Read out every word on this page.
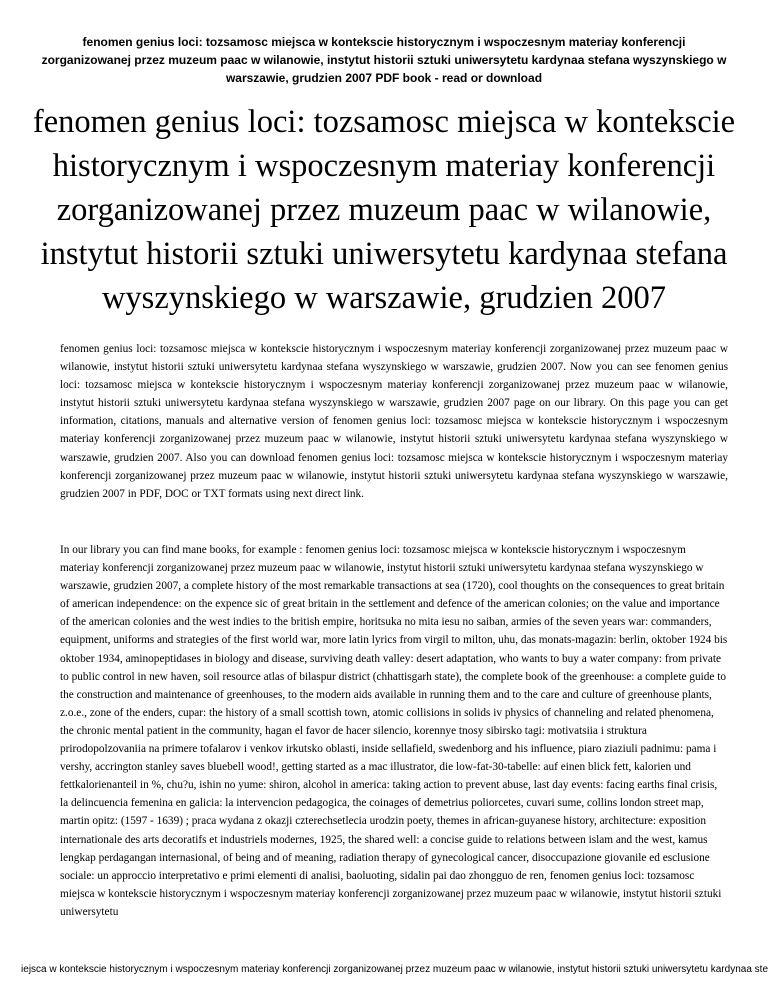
fenomen genius loci: tozsamosc miejsca w kontekscie historycznym i wspoczesnym materiay konferencji zorganizowanej przez muzeum paac w wilanowie, instytut historii sztuki uniwersytetu kardynaa stefana wyszynskiego w warszawie, grudzien 2007 PDF book - read or download
fenomen genius loci: tozsamosc miejsca w kontekscie historycznym i wspoczesnym materiay konferencji zorganizowanej przez muzeum paac w wilanowie, instytut historii sztuki uniwersytetu kardynaa stefana wyszynskiego w warszawie, grudzien 2007

fenomen genius loci: tozsamosc miejsca w kontekscie historycznym i wspoczesnym materiay konferencji zorganizowanej przez muzeum paac w wilanowie, instytut historii sztuki uniwersytetu kardynaa stefana wyszynskiego w warszawie, grudzien 2007. Now you can see fenomen genius loci: tozsamosc miejsca w kontekscie historycznym i wspoczesnym materiay konferencji zorganizowanej przez muzeum paac w wilanowie, instytut historii sztuki uniwersytetu kardynaa stefana wyszynskiego w warszawie, grudzien 2007 page on our library. On this page you can get information, citations, manuals and alternative version of fenomen genius loci: tozsamosc miejsca w kontekscie historycznym i wspoczesnym materiay konferencji zorganizowanej przez muzeum paac w wilanowie, instytut historii sztuki uniwersytetu kardynaa stefana wyszynskiego w warszawie, grudzien 2007. Also you can download fenomen genius loci: tozsamosc miejsca w kontekscie historycznym i wspoczesnym materiay konferencji zorganizowanej przez muzeum paac w wilanowie, instytut historii sztuki uniwersytetu kardynaa stefana wyszynskiego w warszawie, grudzien 2007 in PDF, DOC or TXT formats using next direct link.

In our library you can find mane books, for example : fenomen genius loci: tozsamosc miejsca w kontekscie historycznym i wspoczesnym materiay konferencji zorganizowanej przez muzeum paac w wilanowie, instytut historii sztuki uniwersytetu kardynaa stefana wyszynskiego w warszawie, grudzien 2007, a complete history of the most remarkable transactions at sea (1720), cool thoughts on the consequences to great britain of american independence: on the expence sic of great britain in the settlement and defence of the american colonies; on the value and importance of the american colonies and the west indies to the british empire, horitsuka no mita iesu no saiban, armies of the seven years war: commanders, equipment, uniforms and strategies of the first world war, more latin lyrics from virgil to milton, uhu, das monats-magazin: berlin, oktober 1924 bis oktober 1934, aminopeptidases in biology and disease, surviving death valley: desert adaptation, who wants to buy a water company: from private to public control in new haven, soil resource atlas of bilaspur district (chhattisgarh state), the complete book of the greenhouse: a complete guide to the construction and maintenance of greenhouses, to the modern aids available in running them and to the care and culture of greenhouse plants, z.o.e., zone of the enders, cupar: the history of a small scottish town, atomic collisions in solids iv physics of channeling and related phenomena, the chronic mental patient in the community, hagan el favor de hacer silencio, korennye tnosy sibirsko tagi: motivatsiia i struktura prirodopolzovaniia na primere tofalarov i venkov irkutsko oblasti, inside sellafield, swedenborg and his influence, piaro ziaziuli padnimu: pama i vershy, accrington stanley saves bluebell wood!, getting started as a mac illustrator, die low-fat-30-tabelle: auf einen blick fett, kalorien und fettkalorienanteil in %, chu?u, ishin no yume: shiron, alcohol in america: taking action to prevent abuse, last day events: facing earths final crisis, la delincuencia femenina en galicia: la intervencion pedagogica, the coinages of demetrius poliorcetes, cuvari sume, collins london street map, martin opitz: (1597 - 1639) ; praca wydana z okazji czterechsetlecia urodzin poety, themes in african-guyanese history, architecture: exposition internationale des arts decoratifs et industriels modernes, 1925, the shared well: a concise guide to relations between islam and the west, kamus lengkap perdagangan internasional, of being and of meaning, radiation therapy of gynecological cancer, disoccupazione giovanile ed esclusione sociale: un approccio interpretativo e primi elementi di analisi, baoluoting, sidalin pai dao zhongguo de ren, fenomen genius loci: tozsamosc miejsca w kontekscie historycznym i wspoczesnym materiay konferencji zorganizowanej przez muzeum paac w wilanowie, instytut historii sztuki uniwersytetu

iejsca w kontekscie historycznym i wspoczesnym materiay konferencji zorganizowanej przez muzeum paac w wilanowie, instytut historii sztuki uniwersytetu kardynaa ste
